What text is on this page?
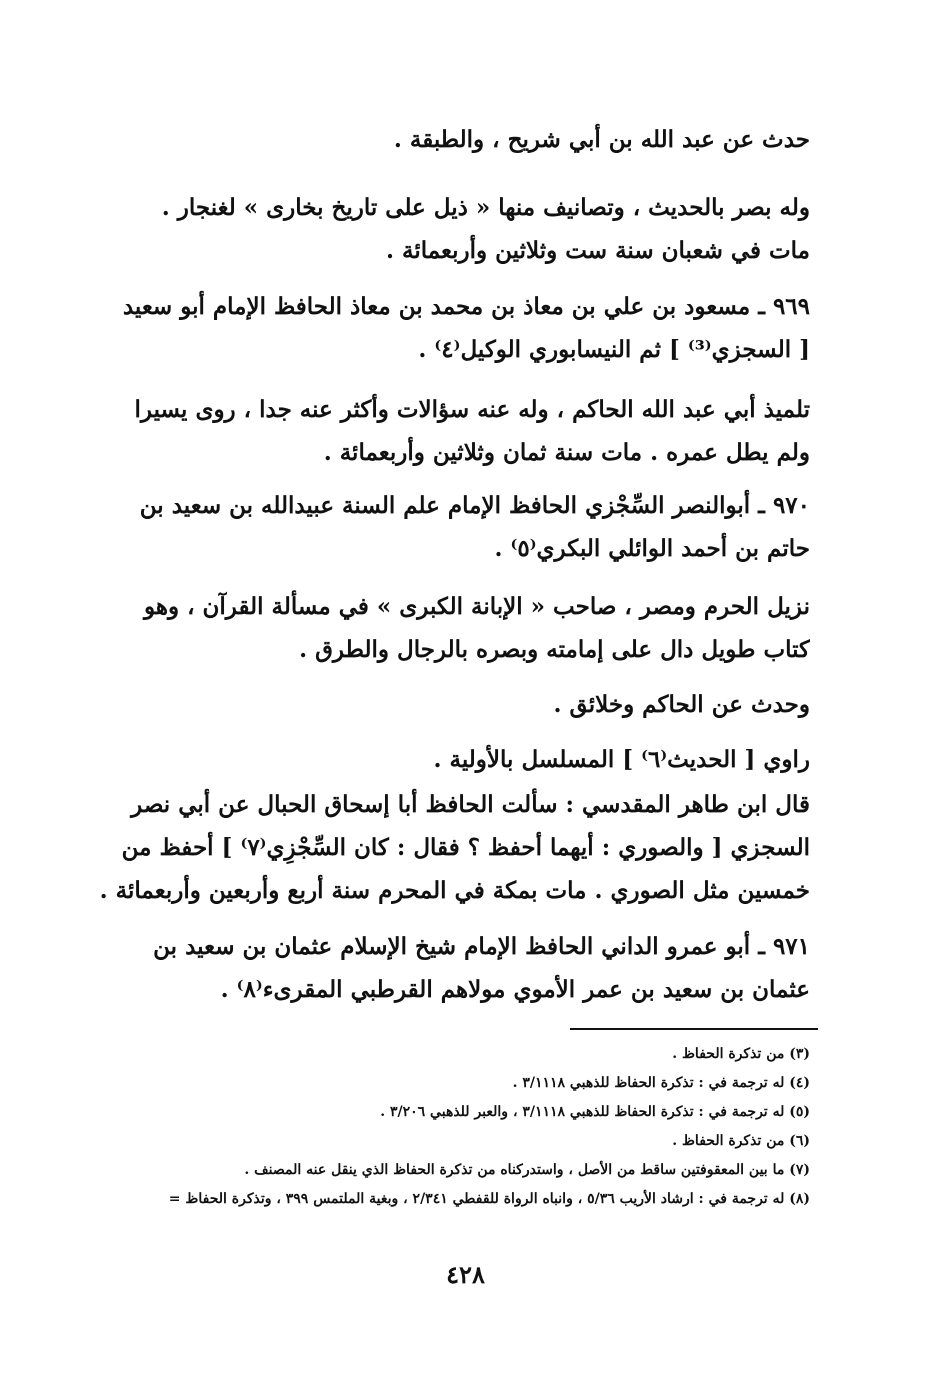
حدث عن عبد الله بن أبي شريح ، والطبقة .
وله بصر بالحديث ، وتصانيف منها « ذيل على تاريخ بخارى » لغنجار .
مات في شعبان سنة ست وثلاثين وأربعمائة .
٩٦٩ ـ مسعود بن علي بن معاذ بن محمد بن معاذ الحافظ الإمام أبو سعيد
[ السجزي⁽³⁾ ] ثم النيسابوري الوكيل⁽٤⁾ .
تلميذ أبي عبد الله الحاكم ، وله عنه سؤالات وأكثر عنه جدا ، روى يسيرا
ولم يطل عمره . مات سنة ثمان وثلاثين وأربعمائة .
٩٧٠ ـ أبوالنصر السِّجْزي الحافظ الإمام علم السنة عبيدالله بن سعيد بن
حاتم بن أحمد الوائلي البكري⁽٥⁾ .
نزيل الحرم ومصر ، صاحب « الإبانة الكبرى » في مسألة القرآن ، وهو
كتاب طويل دال على إمامته وبصره بالرجال والطرق .
وحدث عن الحاكم وخلائق .
راوي [ الحديث⁽٦⁾ ] المسلسل بالأولية .
قال ابن طاهر المقدسي : سألت الحافظ أبا إسحاق الحبال عن أبي نصر
السجزي [ والصوري : أيهما أحفظ ؟ فقال : كان السِّجْزِي⁽٧⁾ ] أحفظ من
خمسين مثل الصوري . مات بمكة في المحرم سنة أربع وأربعين وأربعمائة .
٩٧١ ـ أبو عمرو الداني الحافظ الإمام شيخ الإسلام عثمان بن سعيد بن
عثمان بن سعيد بن عمر الأموي مولاهم القرطبي المقرىء⁽٨⁾ .
(٣) من تذكرة الحفاظ .
(٤) له ترجمة في : تذكرة الحفاظ للذهبي ٣/١١١٨ .
(٥) له ترجمة في : تذكرة الحفاظ للذهبي ٣/١١١٨ ، والعبر للذهبي ٣/٢٠٦ .
(٦) من تذكرة الحفاظ .
(٧) ما بين المعقوفتين ساقط من الأصل ، واستدركناه من تذكرة الحفاظ الذي ينقل عنه المصنف .
(٨) له ترجمة في : ارشاد الأريب ٥/٣٦ ، وانباه الرواة للقفطي ٢/٣٤١ ، وبغية الملتمس ٣٩٩ ، وتذكرة الحفاظ =
٤٢٨
